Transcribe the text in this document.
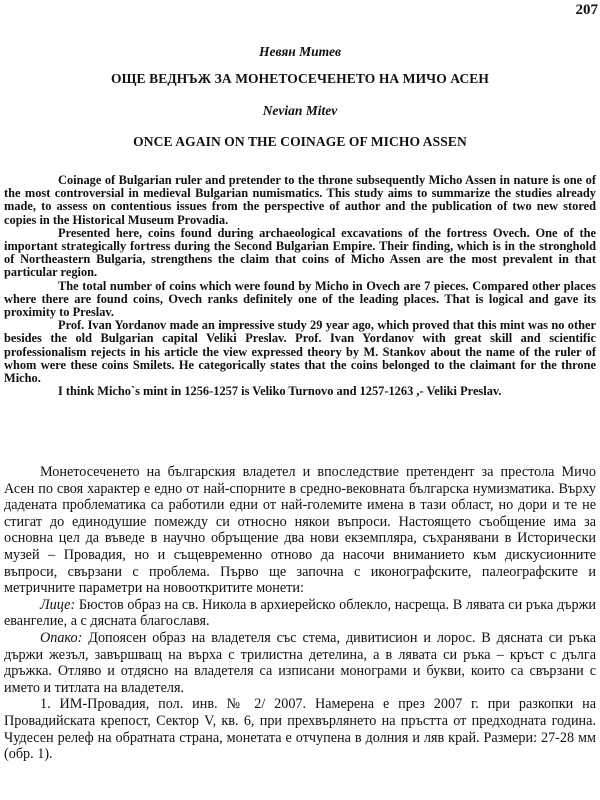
207
Невян Митев
ОЩЕ ВЕДНЪЖ ЗА МОНЕТОСЕЧЕНЕТО НА МИЧО АСЕН
Nevian Mitev
ONCE AGAIN ON THE COINAGE OF MICHO ASSEN

Coinage of Bulgarian ruler and pretender to the throne subsequently Micho Assen in nature is one of the most controversial in medieval Bulgarian numismatics. This study aims to summarize the studies already made, to assess on contentious issues from the perspective of author and the publication of two new stored copies in the Historical Museum Provadia.

Presented here, coins found during archaeological excavations of the fortress Ovech. One of the important strategically fortress during the Second Bulgarian Empire. Their finding, which is in the stronghold of Northeastern Bulgaria, strengthens the claim that coins of Micho Assen are the most prevalent in that particular region.

The total number of coins which were found by Micho in Ovech are 7 pieces. Compared other places where there are found coins, Ovech ranks definitely one of the leading places. That is logical and gave its proximity to Preslav.

Prof. Ivan Yordanov made an impressive study 29 year ago, which proved that this mint was no other besides the old Bulgarian capital Veliki Preslav. Prof. Ivan Yordanov with great skill and scientific professionalism rejects in his article the view expressed theory by M. Stankov about the name of the ruler of whom were these coins Smilets. He categorically states that the coins belonged to the claimant for the throne Micho.

I think Micho`s mint in 1256-1257 is Veliko Turnovo and 1257-1263 ,- Veliki Preslav.

Монетосеченето на българския владетел и впоследствие претендент за престола Мичо Асен по своя характер е едно от най-спорните в средно-вековната българска нумизматика. Върху дадената проблематика са работили едни от най-големите имена в тази област, но дори и те не стигат до единодушие помежду си относно някои въпроси. Настоящето съобщение има за основна цел да въведе в научно обръщение два нови екземпляра, съхранявани в Исторически музей – Провадия, но и същевременно отново да насочи вниманието към дискусионните въпроси, свързани с проблема. Първо ще започна с иконографските, палеографските и метричните параметри на новооткритите монети:

Лице: Бюстов образ на св. Никола в архиерейско облекло, насреща. В лявата си ръка държи евангелие, а с дясната благославя.

Опако: Допоясен образ на владетеля със стема, дивитисион и лорос. В дясната си ръка държи жезъл, завършващ на върха с трилистна детелина, а в лявата си ръка – кръст с дълга дръжка. Отляво и отдясно на владетеля са изписани монограми и букви, които са свързани с името и титлата на владетеля.

1. ИМ-Провадия, пол. инв. № 2/ 2007. Намерена е през 2007 г. при разкопки на Провадийската крепост, Сектор V, кв. 6, при прехвърлянето на пръстта от предходната година. Чудесен релеф на обратната страна, монетата е отчупена в долния и ляв край. Размери: 27-28 мм (обр. 1).
